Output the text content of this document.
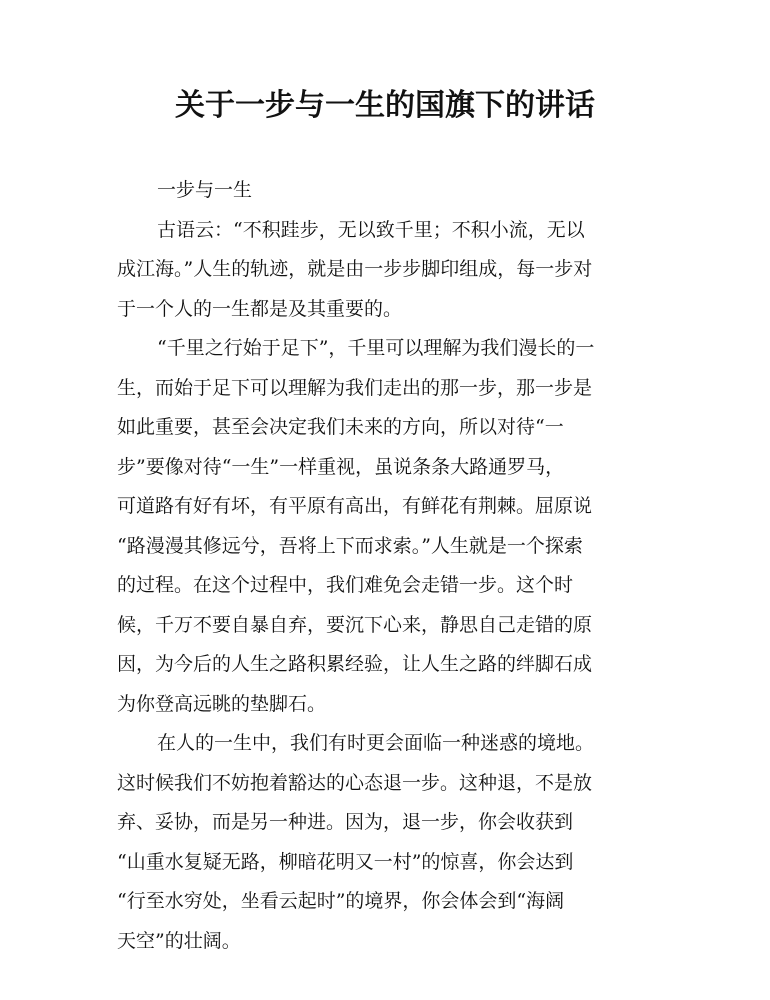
关于一步与一生的国旗下的讲话

一步与一生

古语云：“不积跬步，无以致千里；不积小流，无以
成江海。”人生的轨迹，就是由一步步脚印组成，每一步对
于一个人的一生都是及其重要的。

“千里之行始于足下”，千里可以理解为我们漫长的一
生，而始于足下可以理解为我们走出的那一步，那一步是
如此重要，甚至会决定我们未来的方向，所以对待“一
步”要像对待“一生”一样重视，虽说条条大路通罗马，
可道路有好有坏，有平原有高出，有鲜花有荆棘。屈原说
“路漫漫其修远兮，吾将上下而求索。”人生就是一个探索
的过程。在这个过程中，我们难免会走错一步。这个时
候，千万不要自暴自弃，要沉下心来，静思自己走错的原
因，为今后的人生之路积累经验，让人生之路的绊脚石成
为你登高远眺的垫脚石。

在人的一生中，我们有时更会面临一种迷惑的境地。
这时候我们不妨抱着豁达的心态退一步。这种退，不是放
弃、妥协，而是另一种进。因为，退一步，你会收获到
“山重水复疑无路，柳暗花明又一村”的惊喜，你会达到
“行至水穷处，坐看云起时”的境界，你会体会到“海阔
天空”的壮阔。
